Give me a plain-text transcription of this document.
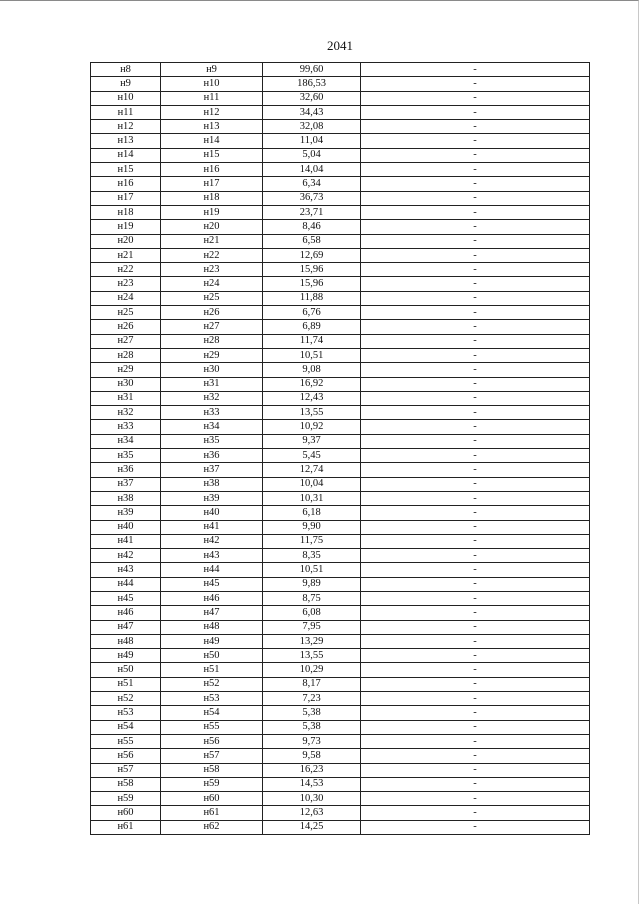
2041
н8	н9	99,60	-
н9	н10	186,53	-
н10	н11	32,60	-
н11	н12	34,43	-
н12	н13	32,08	-
н13	н14	11,04	-
н14	н15	5,04	-
н15	н16	14,04	-
н16	н17	6,34	-
н17	н18	36,73	-
н18	н19	23,71	-
н19	н20	8,46	-
н20	н21	6,58	-
н21	н22	12,69	-
н22	н23	15,96	-
н23	н24	15,96	-
н24	н25	11,88	-
н25	н26	6,76	-
н26	н27	6,89	-
н27	н28	11,74	-
н28	н29	10,51	-
н29	н30	9,08	-
н30	н31	16,92	-
н31	н32	12,43	-
н32	н33	13,55	-
н33	н34	10,92	-
н34	н35	9,37	-
н35	н36	5,45	-
н36	н37	12,74	-
н37	н38	10,04	-
н38	н39	10,31	-
н39	н40	6,18	-
н40	н41	9,90	-
н41	н42	11,75	-
н42	н43	8,35	-
н43	н44	10,51	-
н44	н45	9,89	-
н45	н46	8,75	-
н46	н47	6,08	-
н47	н48	7,95	-
н48	н49	13,29	-
н49	н50	13,55	-
н50	н51	10,29	-
н51	н52	8,17	-
н52	н53	7,23	-
н53	н54	5,38	-
н54	н55	5,38	-
н55	н56	9,73	-
н56	н57	9,58	-
н57	н58	16,23	-
н58	н59	14,53	-
н59	н60	10,30	-
н60	н61	12,63	-
н61	н62	14,25	-
